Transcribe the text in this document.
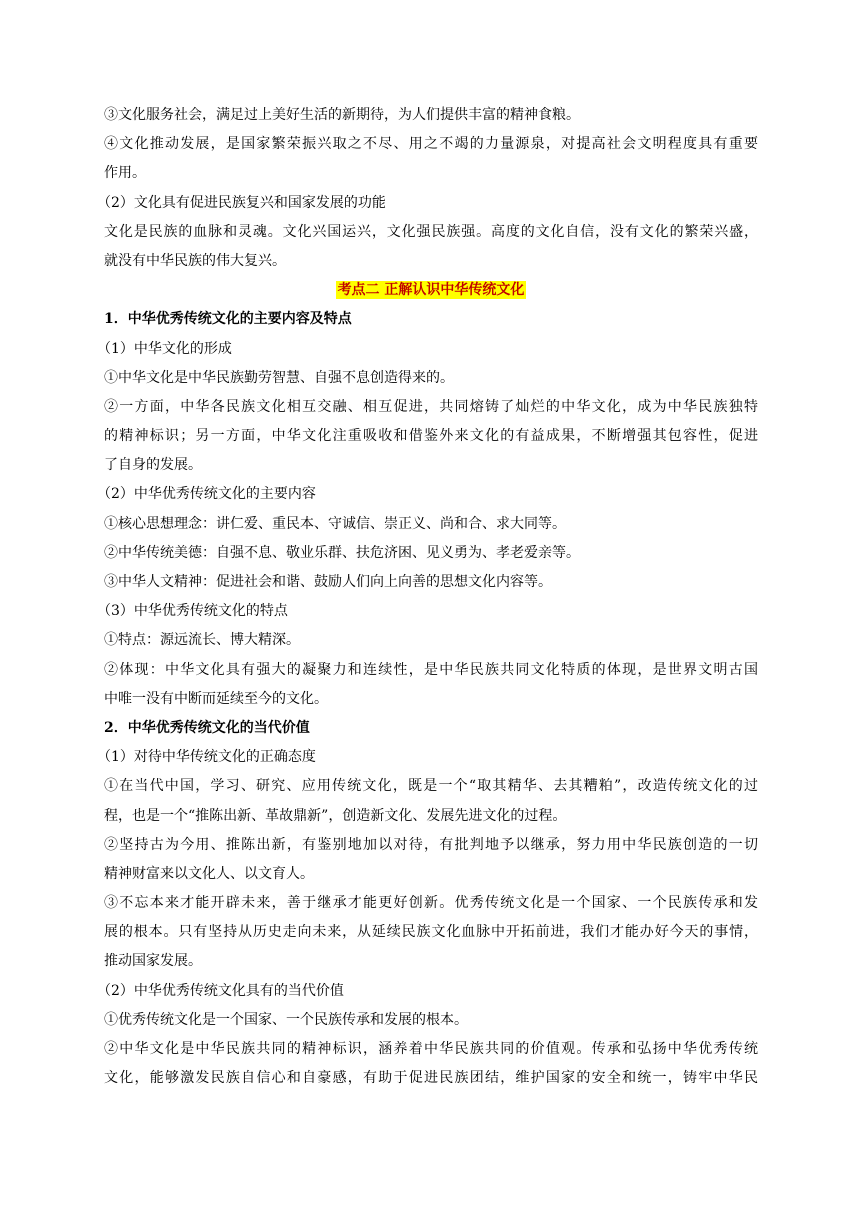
③文化服务社会，满足过上美好生活的新期待，为人们提供丰富的精神食粮。
④文化推动发展，是国家繁荣振兴取之不尽、用之不竭的力量源泉，对提高社会文明程度具有重要
作用。
（2）文化具有促进民族复兴和国家发展的功能
文化是民族的血脉和灵魂。文化兴国运兴，文化强民族强。高度的文化自信，没有文化的繁荣兴盛，
就没有中华民族的伟大复兴。
考点二 正解认识中华传统文化
1．中华优秀传统文化的主要内容及特点
（1）中华文化的形成
①中华文化是中华民族勤劳智慧、自强不息创造得来的。
②一方面，中华各民族文化相互交融、相互促进，共同熔铸了灿烂的中华文化，成为中华民族独特
的精神标识；另一方面，中华文化注重吸收和借鉴外来文化的有益成果，不断增强其包容性，促进
了自身的发展。
（2）中华优秀传统文化的主要内容
①核心思想理念：讲仁爱、重民本、守诚信、崇正义、尚和合、求大同等。
②中华传统美德：自强不息、敬业乐群、扶危济困、见义勇为、孝老爱亲等。
③中华人文精神：促进社会和谐、鼓励人们向上向善的思想文化内容等。
（3）中华优秀传统文化的特点
①特点：源远流长、博大精深。
②体现：中华文化具有强大的凝聚力和连续性，是中华民族共同文化特质的体现，是世界文明古国
中唯一没有中断而延续至今的文化。
2．中华优秀传统文化的当代价值
（1）对待中华传统文化的正确态度
①在当代中国，学习、研究、应用传统文化，既是一个“取其精华、去其糟粕”，改造传统文化的过
程，也是一个“推陈出新、革故鼎新”，创造新文化、发展先进文化的过程。
②坚持古为今用、推陈出新，有鉴别地加以对待，有批判地予以继承，努力用中华民族创造的一切
精神财富来以文化人、以文育人。
③不忘本来才能开辟未来，善于继承才能更好创新。优秀传统文化是一个国家、一个民族传承和发
展的根本。只有坚持从历史走向未来，从延续民族文化血脉中开拓前进，我们才能办好今天的事情，
推动国家发展。
（2）中华优秀传统文化具有的当代价值
①优秀传统文化是一个国家、一个民族传承和发展的根本。
②中华文化是中华民族共同的精神标识，涵养着中华民族共同的价值观。传承和弘扬中华优秀传统
文化，能够激发民族自信心和自豪感，有助于促进民族团结，维护国家的安全和统一，铸牢中华民
